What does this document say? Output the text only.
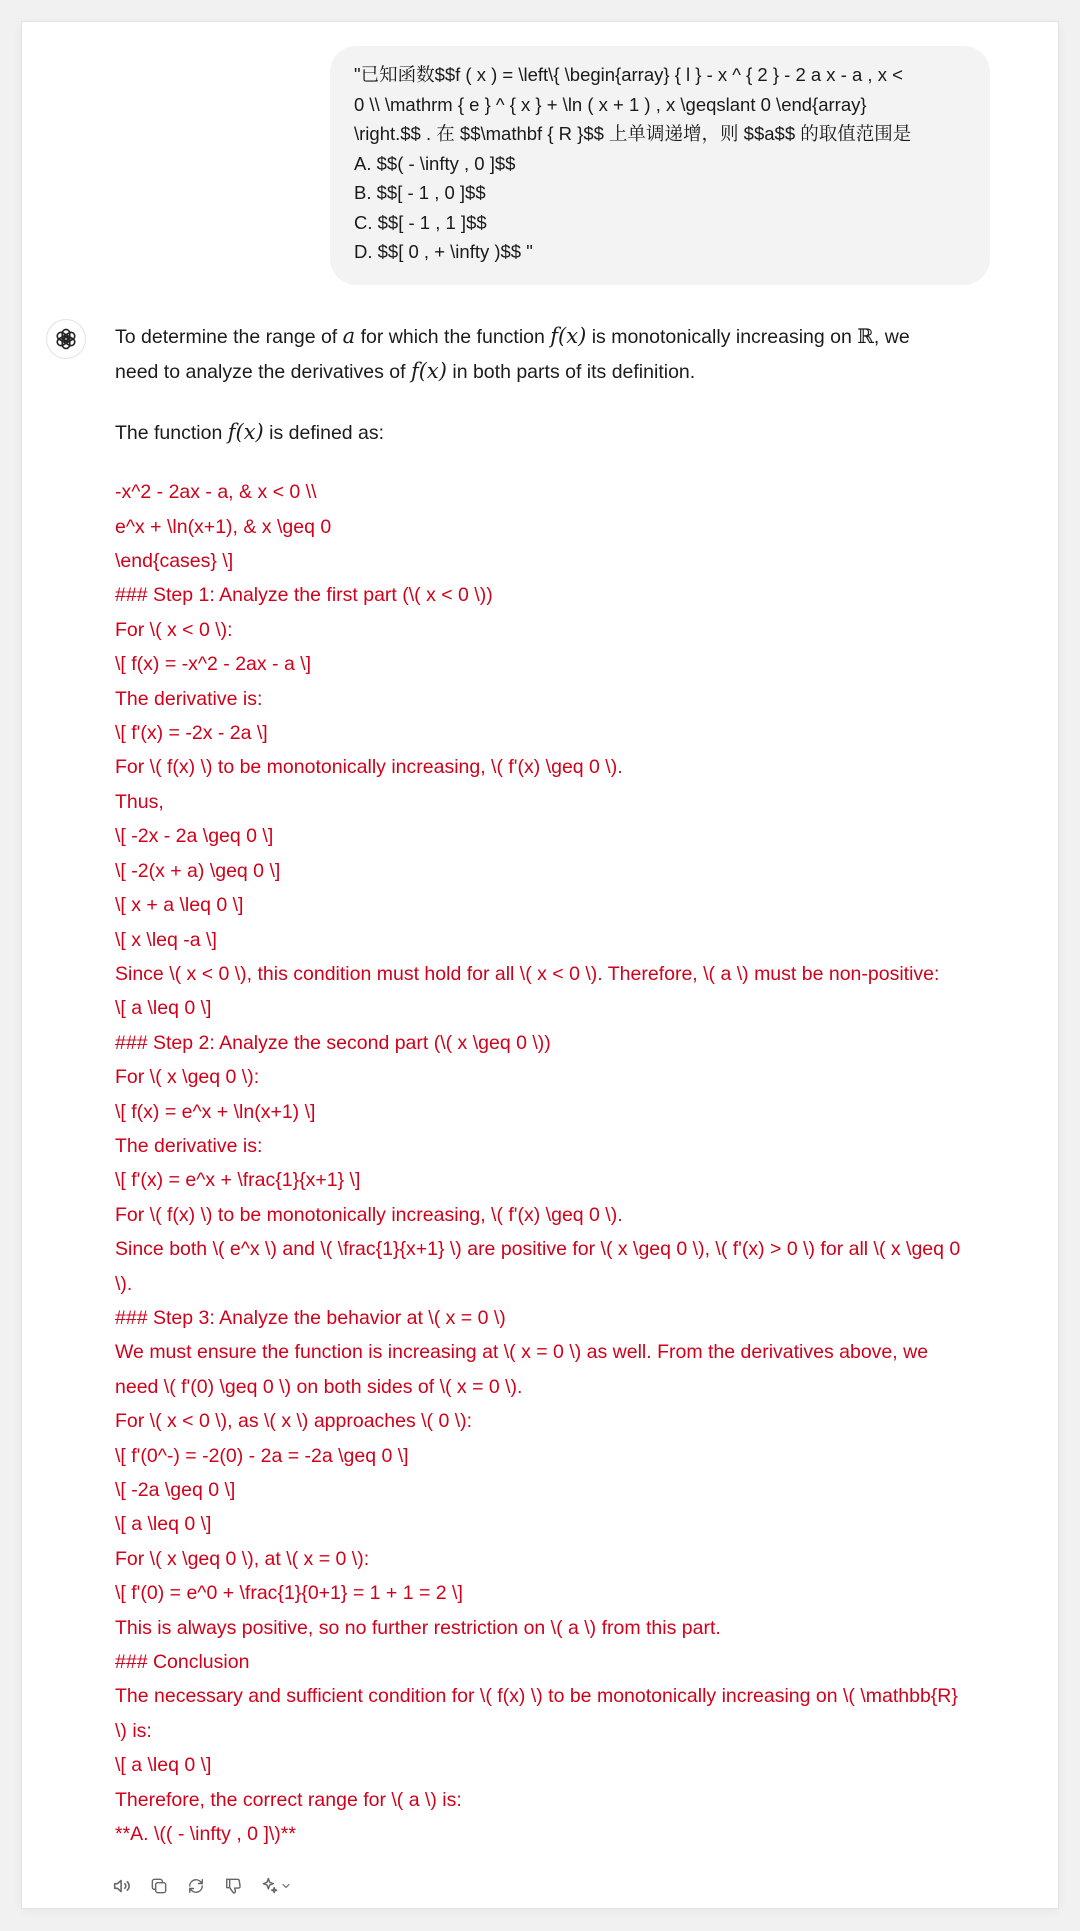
"已知函数$$f ( x ) = \left\{ \begin{array} { l } - x ^ { 2 } - 2 a x - a , x <
0 \\ \mathrm { e } ^ { x } + \ln ( x + 1 ) , x \geqslant 0 \end{array}
\right.$$ . 在 $$\mathbf { R }$$ 上单调递增，则 $$a$$ 的取值范围是
A. $$( - \infty , 0 ]$$
B. $$[ - 1 , 0 ]$$
C. $$[ - 1 , 1 ]$$
D. $$[ 0 , + \infty )$$ "

To determine the range of a for which the function f(x) is monotonically increasing on ℝ, we
need to analyze the derivatives of f(x) in both parts of its definition.

The function f(x) is defined as:

-x^2 - 2ax - a, & x < 0 \\
e^x + \ln(x+1), & x \geq 0
\end{cases} \]
### Step 1: Analyze the first part (\( x < 0 \))
For \( x < 0 \):
\[ f(x) = -x^2 - 2ax - a \]
The derivative is:
\[ f'(x) = -2x - 2a \]
For \( f(x) \) to be monotonically increasing, \( f'(x) \geq 0 \).
Thus,
\[ -2x - 2a \geq 0 \]
\[ -2(x + a) \geq 0 \]
\[ x + a \leq 0 \]
\[ x \leq -a \]
Since \( x < 0 \), this condition must hold for all \( x < 0 \). Therefore, \( a \) must be non-positive:
\[ a \leq 0 \]
### Step 2: Analyze the second part (\( x \geq 0 \))
For \( x \geq 0 \):
\[ f(x) = e^x + \ln(x+1) \]
The derivative is:
\[ f'(x) = e^x + \frac{1}{x+1} \]
For \( f(x) \) to be monotonically increasing, \( f'(x) \geq 0 \).
Since both \( e^x \) and \( \frac{1}{x+1} \) are positive for \( x \geq 0 \), \( f'(x) > 0 \) for all \( x \geq 0
\).
### Step 3: Analyze the behavior at \( x = 0 \)
We must ensure the function is increasing at \( x = 0 \) as well. From the derivatives above, we
need \( f'(0) \geq 0 \) on both sides of \( x = 0 \).
For \( x < 0 \), as \( x \) approaches \( 0 \):
\[ f'(0^-) = -2(0) - 2a = -2a \geq 0 \]
\[ -2a \geq 0 \]
\[ a \leq 0 \]
For \( x \geq 0 \), at \( x = 0 \):
\[ f'(0) = e^0 + \frac{1}{0+1} = 1 + 1 = 2 \]
This is always positive, so no further restriction on \( a \) from this part.
### Conclusion
The necessary and sufficient condition for \( f(x) \) to be monotonically increasing on \( \mathbb{R}
\) is:
\[ a \leq 0 \]
Therefore, the correct range for \( a \) is:
**A. \(( - \infty , 0 ]\)**
